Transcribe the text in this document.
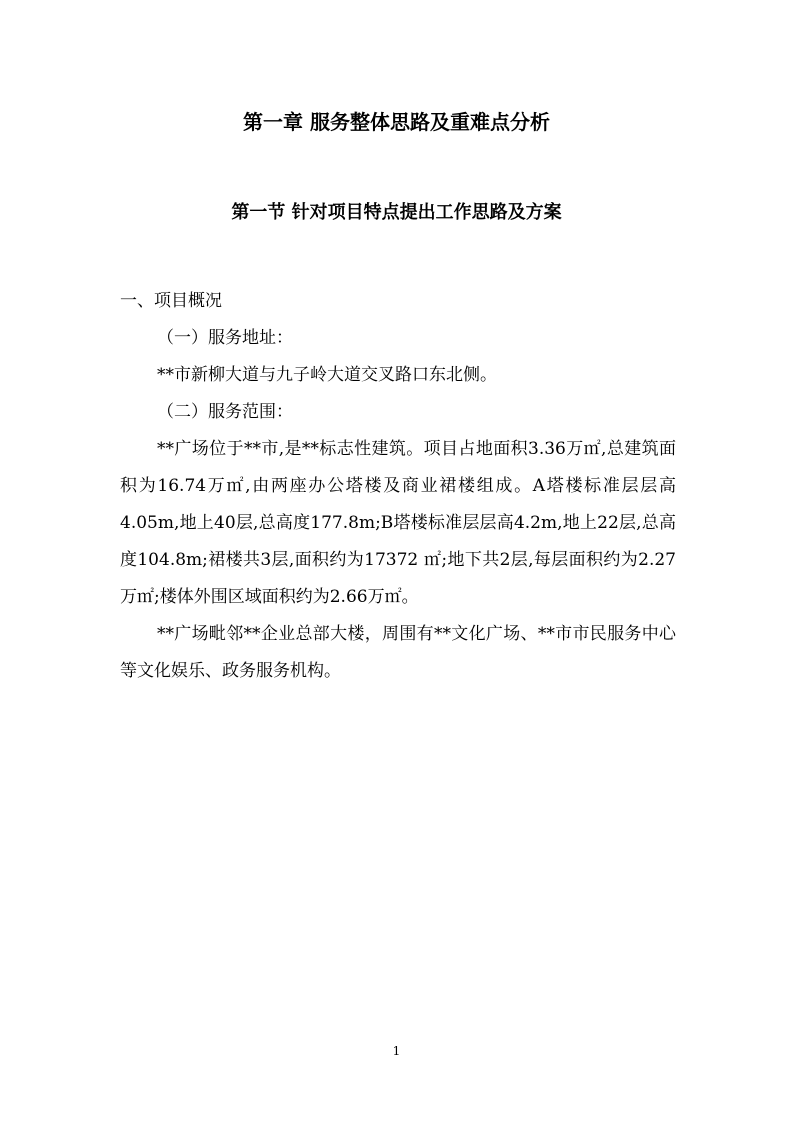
第一章 服务整体思路及重难点分析
第一节 针对项目特点提出工作思路及方案

一、项目概况

（一）服务地址：

**市新柳大道与九子岭大道交叉路口东北侧。

（二）服务范围：

**广场位于**市,是**标志性建筑。项目占地面积3.36万㎡,总建筑面积为16.74万㎡,由两座办公塔楼及商业裙楼组成。A塔楼标准层层高4.05m,地上40层,总高度177.8m;B塔楼标准层层高4.2m,地上22层,总高度104.8m;裙楼共3层,面积约为17372 ㎡;地下共2层,每层面积约为2.27万㎡;楼体外围区域面积约为2.66万㎡。

**广场毗邻**企业总部大楼，周围有**文化广场、**市市民服务中心等文化娱乐、政务服务机构。

1
